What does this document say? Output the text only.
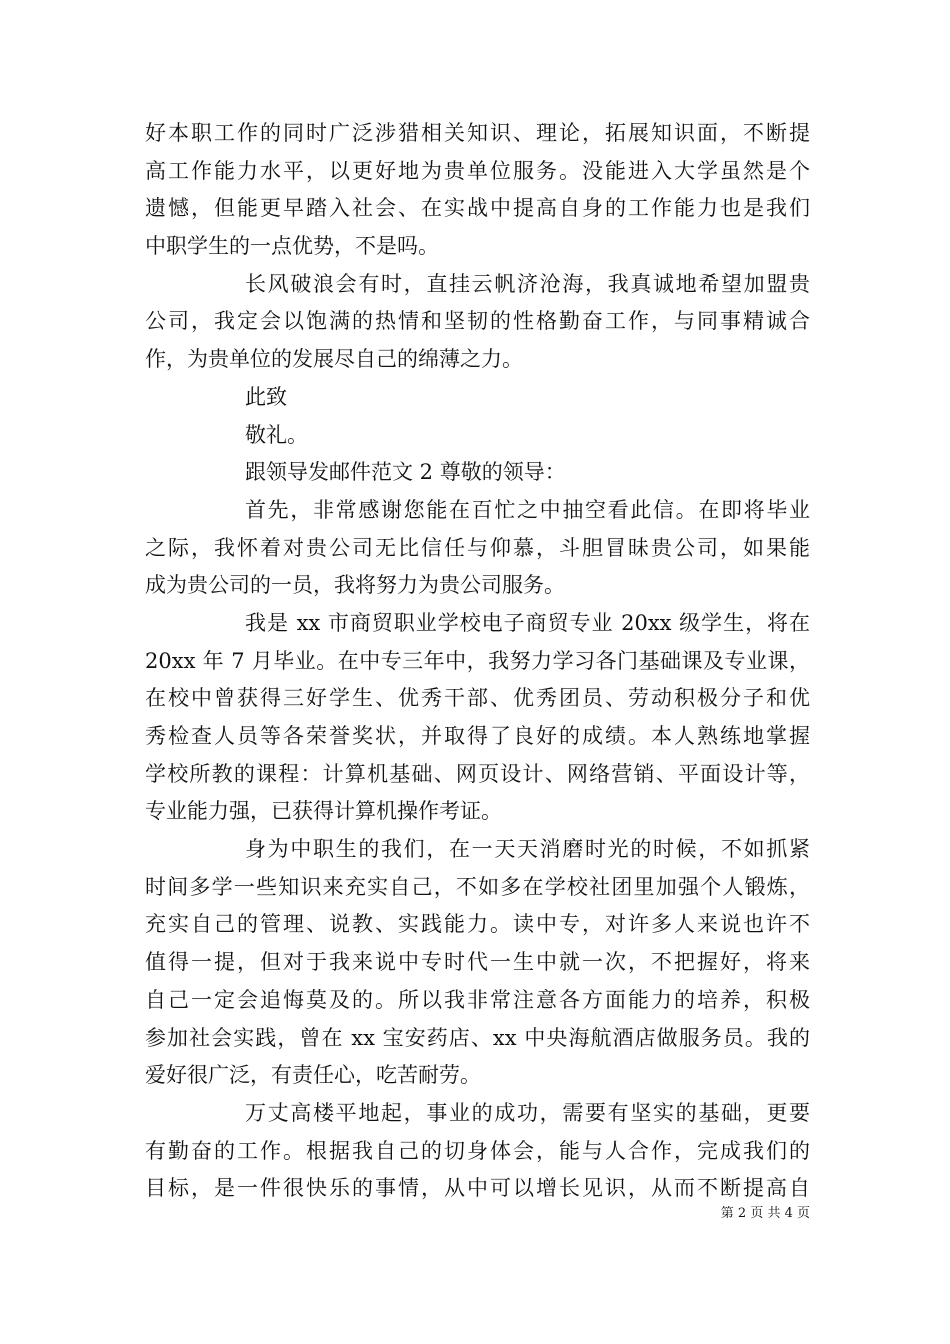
好本职工作的同时广泛涉猎相关知识、理论，拓展知识面，不断提
高工作能力水平，以更好地为贵单位服务。没能进入大学虽然是个
遗憾，但能更早踏入社会、在实战中提高自身的工作能力也是我们
中职学生的一点优势，不是吗。
长风破浪会有时，直挂云帆济沧海，我真诚地希望加盟贵
公司，我定会以饱满的热情和坚韧的性格勤奋工作，与同事精诚合
作，为贵单位的发展尽自己的绵薄之力。
此致
敬礼。
跟领导发邮件范文 2 尊敬的领导：
首先，非常感谢您能在百忙之中抽空看此信。在即将毕业
之际，我怀着对贵公司无比信任与仰慕，斗胆冒昧贵公司，如果能
成为贵公司的一员，我将努力为贵公司服务。
我是 xx 市商贸职业学校电子商贸专业 20xx 级学生，将在
20xx 年 7 月毕业。在中专三年中，我努力学习各门基础课及专业课，
在校中曾获得三好学生、优秀干部、优秀团员、劳动积极分子和优
秀检查人员等各荣誉奖状，并取得了良好的成绩。本人熟练地掌握
学校所教的课程：计算机基础、网页设计、网络营销、平面设计等，
专业能力强，已获得计算机操作考证。
身为中职生的我们，在一天天消磨时光的时候，不如抓紧
时间多学一些知识来充实自己，不如多在学校社团里加强个人锻炼，
充实自己的管理、说教、实践能力。读中专，对许多人来说也许不
值得一提，但对于我来说中专时代一生中就一次，不把握好，将来
自己一定会追悔莫及的。所以我非常注意各方面能力的培养，积极
参加社会实践，曾在 xx 宝安药店、xx 中央海航酒店做服务员。我的
爱好很广泛，有责任心，吃苦耐劳。
万丈高楼平地起，事业的成功，需要有坚实的基础，更要
有勤奋的工作。根据我自己的切身体会，能与人合作，完成我们的
目标，是一件很快乐的事情，从中可以增长见识，从而不断提高自
第 2 页 共 4 页
